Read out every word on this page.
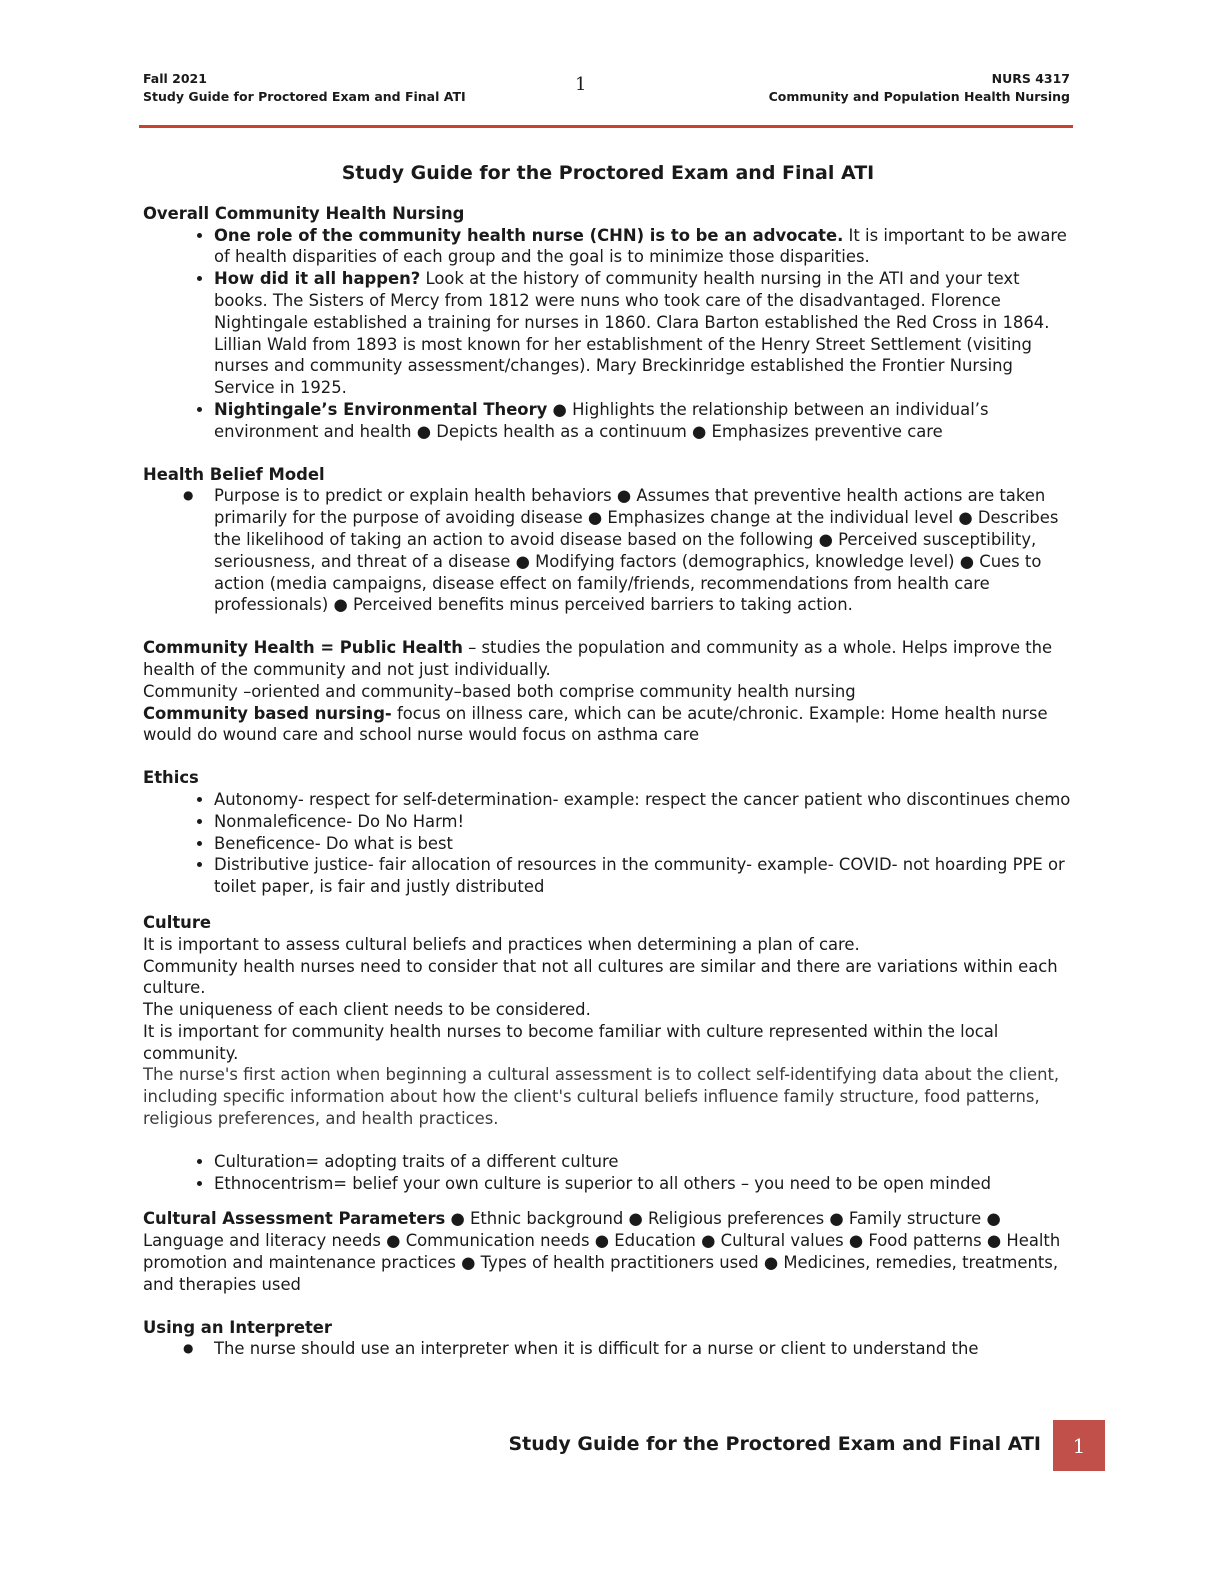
Fall 2021
Study Guide for Proctored Exam and Final ATI
1	NURS 4317
Community and Population Health Nursing
Study Guide for the Proctored Exam and Final ATI
Overall Community Health Nursing
• One role of the community health nurse (CHN) is to be an advocate. It is important to be aware of health disparities of each group and the goal is to minimize those disparities.
• How did it all happen? Look at the history of community health nursing in the ATI and your text books. The Sisters of Mercy from 1812 were nuns who took care of the disadvantaged. Florence Nightingale established a training for nurses in 1860. Clara Barton established the Red Cross in 1864. Lillian Wald from 1893 is most known for her establishment of the Henry Street Settlement (visiting nurses and community assessment/changes). Mary Breckinridge established the Frontier Nursing Service in 1925.
• Nightingale’s Environmental Theory ● Highlights the relationship between an individual’s environment and health ● Depicts health as a continuum ● Emphasizes preventive care
Health Belief Model
● Purpose is to predict or explain health behaviors ● Assumes that preventive health actions are taken primarily for the purpose of avoiding disease ● Emphasizes change at the individual level ● Describes the likelihood of taking an action to avoid disease based on the following ● Perceived susceptibility, seriousness, and threat of a disease ● Modifying factors (demographics, knowledge level) ● Cues to action (media campaigns, disease effect on family/friends, recommendations from health care professionals) ● Perceived benefits minus perceived barriers to taking action.

Community Health = Public Health – studies the population and community as a whole. Helps improve the health of the community and not just individually.

Community –oriented and community–based both comprise community health nursing

Community based nursing- focus on illness care, which can be acute/chronic. Example: Home health nurse would do wound care and school nurse would focus on asthma care

Ethics
• Autonomy- respect for self-determination- example: respect the cancer patient who discontinues chemo
• Nonmaleficence- Do No Harm!
• Beneficence- Do what is best
• Distributive justice- fair allocation of resources in the community- example- COVID- not hoarding PPE or toilet paper, is fair and justly distributed
Culture

It is important to assess cultural beliefs and practices when determining a plan of care.

Community health nurses need to consider that not all cultures are similar and there are variations within each culture.

The uniqueness of each client needs to be considered.

It is important for community health nurses to become familiar with culture represented within the local community.

The nurse's first action when beginning a cultural assessment is to collect self-identifying data about the client, including specific information about how the client's cultural beliefs influence family structure, food patterns, religious preferences, and health practices.

• Culturation= adopting traits of a different culture
• Ethnocentrism= belief your own culture is superior to all others – you need to be open minded

Cultural Assessment Parameters ● Ethnic background ● Religious preferences ● Family structure ● Language and literacy needs ● Communication needs ● Education ● Cultural values ● Food patterns ● Health promotion and maintenance practices ● Types of health practitioners used ● Medicines, remedies, treatments, and therapies used

Using an Interpreter
● The nurse should use an interpreter when it is difficult for a nurse or client to understand the
Study Guide for the Proctored Exam and Final ATI	1
